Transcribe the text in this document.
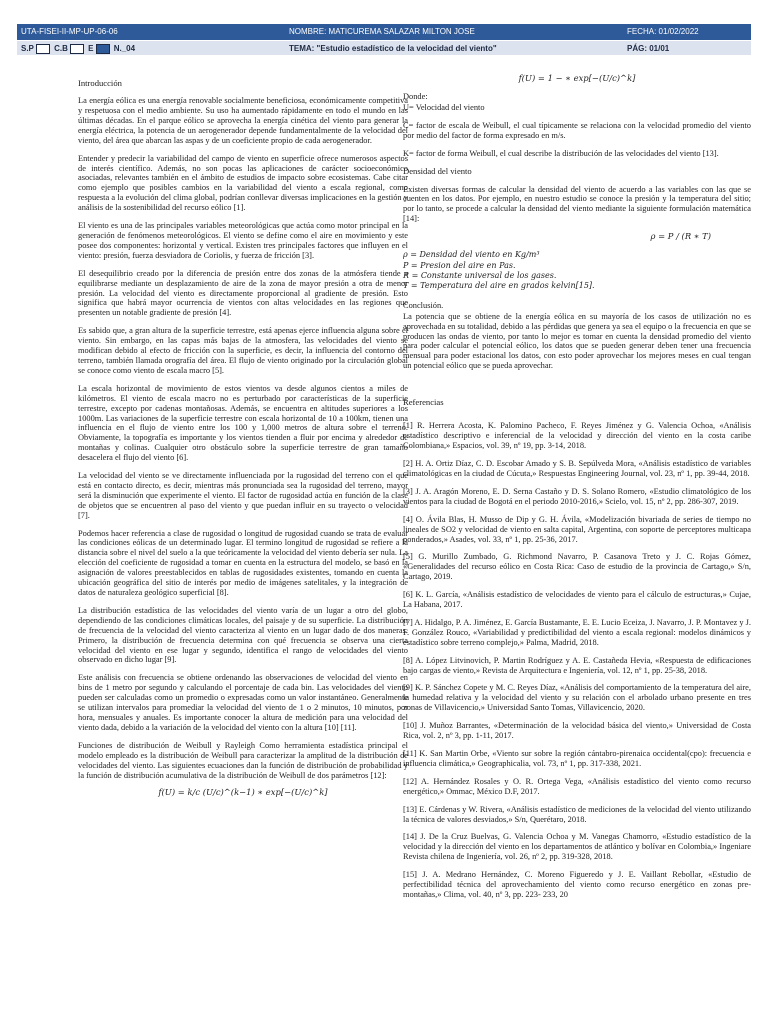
UTA-FISEI-II-MP-UP-06-06	NOMBRE: MATICUREMA SALAZAR MILTON JOSE	FECHA: 01/02/2022
S.P	C.B	E	N._04	TEMA: "Estudio estadístico de la velocidad del viento"	PÁG: 01/01
Introducción

La energía eólica es una energía renovable socialmente beneficiosa, económicamente competitiva y respetuosa con el medio ambiente. Su uso ha aumentado rápidamente en todo el mundo en las últimas décadas. En el parque eólico se aprovecha la energía cinética del viento para generar la energía eléctrica, la potencia de un aerogenerador depende fundamentalmente de la velocidad del viento, del área que abarcan las aspas y de un coeficiente propio de cada aerogenerador.

Entender y predecir la variabilidad del campo de viento en superficie ofrece numerosos aspectos de interés científico. Además, no son pocas las aplicaciones de carácter socioeconómico asociadas, relevantes también en el ámbito de estudios de impacto sobre ecosistemas. Cabe citar como ejemplo que posibles cambios en la variabilidad del viento a escala regional, como respuesta a la evolución del clima global, podrían conllevar diversas implicaciones en la gestión y análisis de la sostenibilidad del recurso eólico [1].

El viento es una de las principales variables meteorológicas que actúa como motor principal en la generación de fenómenos meteorológicos. El viento se define como el aire en movimiento y este posee dos componentes: horizontal y vertical. Existen tres principales factores que influyen en el viento: presión, fuerza desviadora de Coriolis, y fuerza de fricción [3].

El desequilibrio creado por la diferencia de presión entre dos zonas de la atmósfera tiende a equilibrarse mediante un desplazamiento de aire de la zona de mayor presión a otra de menor presión. La velocidad del viento es directamente proporcional al gradiente de presión. Esto significa que habrá mayor ocurrencia de vientos con altas velocidades en las regiones que presenten un notable gradiente de presión [4].

Es sabido que, a gran altura de la superficie terrestre, está apenas ejerce influencia alguna sobre el viento. Sin embargo, en las capas más bajas de la atmosfera, las velocidades del viento se modifican debido al efecto de fricción con la superficie, es decir, la influencia del contorno del terreno, también llamada orografía del área. El flujo de viento originado por la circulación global se conoce como viento de escala macro [5].

La escala horizontal de movimiento de estos vientos va desde algunos cientos a miles de kilómetros. El viento de escala macro no es perturbado por características de la superficie terrestre, excepto por cadenas montañosas. Además, se encuentra en altitudes superiores a los 1000m. Las variaciones de la superficie terrestre con escala horizontal de 10 a 100km, tienen una influencia en el flujo de viento entre los 100 y 1,000 metros de altura sobre el terreno. Obviamente, la topografía es importante y los vientos tienden a fluir por encima y alrededor de montañas y colinas. Cualquier otro obstáculo sobre la superficie terrestre de gran tamaño desacelera el flujo del viento [6].

La velocidad del viento se ve directamente influenciada por la rugosidad del terreno con el que está en contacto directo, es decir, mientras más pronunciada sea la rugosidad del terreno, mayor será la disminución que experimente el viento. El factor de rugosidad actúa en función de la clase de objetos que se encuentren al paso del viento y que puedan influir en su trayecto o velocidad [7].

Podemos hacer referencia a clase de rugosidad o longitud de rugosidad cuando se trata de evaluar las condiciones eólicas de un determinado lugar. El termino longitud de rugosidad se refiere a la distancia sobre el nivel del suelo a la que teóricamente la velocidad del viento debería ser nula. La elección del coeficiente de rugosidad a tomar en cuenta en la estructura del modelo, se basó en la asignación de valores preestablecidos en tablas de rugosidades existentes, tomando en cuenta la ubicación geográfica del sitio de interés por medio de imágenes satelitales, y la integración de datos de naturaleza geológico superficial [8].

La distribución estadística de las velocidades del viento varía de un lugar a otro del globo, dependiendo de las condiciones climáticas locales, del paisaje y de su superficie. La distribución de frecuencia de la velocidad del viento caracteriza al viento en un lugar dado de dos maneras. Primero, la distribución de frecuencia determina con qué frecuencia se observa una cierta velocidad del viento en ese lugar y segundo, identifica el rango de velocidades del viento observado en dicho lugar [9].

Este análisis con frecuencia se obtiene ordenando las observaciones de velocidad del viento en bins de 1 metro por segundo y calculando el porcentaje de cada bin. Las velocidades del viento pueden ser calculadas como un promedio o expresadas como un valor instantáneo. Generalmente se utilizan intervalos para promediar la velocidad del viento de 1 o 2 minutos, 10 minutos, por hora, mensuales y anuales. Es importante conocer la altura de medición para una velocidad del viento dada, debido a la variación de la velocidad del viento con la altura [10] [11].

Funciones de distribución de Weibull y Rayleigh Como herramienta estadística principal el modelo empleado es la distribución de Weibull para caracterizar la amplitud de la distribución de velocidades del viento. Las siguientes ecuaciones dan la función de distribución de probabilidad y la función de distribución acumulativa de la distribución de Weibull de dos parámetros [12]:

f(U) = k/c (U/c)^(k−1) ∗ exp[−(U/c)^k]
f(U) = 1 − ∗ exp[−(U/c)^k]

Donde:

U= Velocidad del viento

C= factor de escala de Weibull, el cual típicamente se relaciona con la velocidad promedio del viento por medio del factor de forma expresado en m/s.

K= factor de forma Weibull, el cual describe la distribución de las velocidades del viento [13].

Densidad del viento

Existen diversas formas de calcular la densidad del viento de acuerdo a las variables con las que se cuenten en los datos. Por ejemplo, en nuestro estudio se conoce la presión y la temperatura del sitio; por lo tanto, se procede a calcular la densidad del viento mediante la siguiente formulación matemática [14]:

ρ = P / (R ∗ T)
ρ = Densidad del viento en Kg/m³
P = Presion del aire en Pas.
R = Constante universal de los gases.
T = Temperatura del aire en grados kelvin[15].

Conclusión.

La potencia que se obtiene de la energía eólica en su mayoría de los casos de utilización no es aprovechada en su totalidad, debido a las pérdidas que genera ya sea el equipo o la frecuencia en que se producen las ondas de viento, por tanto lo mejor es tomar en cuenta la densidad promedio del viento para poder calcular el potencial eólico, los datos que se pueden generar deben tener una frecuencia mensual para poder estacional los datos, con esto poder aprovechar los mejores meses en cual tengan un potencial eólico que se pueda aprovechar.

Referencias

[1] R. Herrera Acosta, K. Palomino Pacheco, F. Reyes Jiménez y G. Valencia Ochoa, «Análisis estadístico descriptivo e inferencial de la velocidad y dirección del viento en la costa caribe Colombiana,» Espacios, vol. 39, nº 19, pp. 3-14, 2018.

[2] H. A. Ortiz Díaz, C. D. Escobar Amado y S. B. Sepúlveda Mora, «Análisis estadístico de variables climatológicas en la ciudad de Cúcuta,» Respuestas Engineering Journal, vol. 23, nº 1, pp. 39-44, 2018.

[3] J. A. Aragón Moreno, E. D. Serna Castaño y D. S. Solano Romero, «Estudio climatológico de los vientos para la ciudad de Bogotá en el periodo 2010-2016,» Scielo, vol. 15, nº 2, pp. 286-307, 2019.

[4] O. Ávila Blas, H. Musso de Dip y G. H. Ávila, «Modelización bivariada de series de tiempo no lineales de SO2 y velocidad de viento en salta capital, Argentina, con soporte de perceptores multicapa ponderados,» Asades, vol. 33, nº 1, pp. 25-36, 2017.

[5] G. Murillo Zumbado, G. Richmond Navarro, P. Casanova Treto y J. C. Rojas Gómez, «Generalidades del recurso eólico en Costa Rica: Caso de estudio de la provincia de Cartago,» S/n, Cartago, 2019.

[6] K. L. García, «Análisis estadístico de velocidades de viento para el cálculo de estructuras,» Cujae, La Habana, 2017.

[7] A. Hidalgo, P. A. Jiménez, E. García Bustamante, E. E. Lucio Eceiza, J. Navarro, J. P. Montavez y J. F. González Rouco, «Variabilidad y predictibilidad del viento a escala regional: modelos dinámicos y estadístico sobre terreno complejo,» Palma, Madrid, 2018.

[8] A. López Litvinovich, P. Martin Rodríguez y A. E. Castañeda Hevia, «Respuesta de edificaciones bajo cargas de viento,» Revista de Arquitectura e Ingeniería, vol. 12, nº 1, pp. 25-38, 2018.

[9] K. P. Sánchez Copete y M. C. Reyes Díaz, «Análisis del comportamiento de la temperatura del aire, la humedad relativa y la velocidad del viento y su relación con el arbolado urbano presente en tres zonas de Villavicencio,» Universidad Santo Tomas, Villavicencio, 2020.

[10] J. Muñoz Barrantes, «Determinación de la velocidad básica del viento,» Universidad de Costa Rica, vol. 2, nº 3, pp. 1-11, 2017.

[11] K. San Martin Orbe, «Viento sur sobre la región cántabro-pirenaica occidental(cpo): frecuencia e influencia climática,» Geographicalia, vol. 73, nº 1, pp. 317-338, 2021.

[12] A. Hernández Rosales y O. R. Ortega Vega, «Análisis estadístico del viento como recurso energético,» Ommac, México D.F, 2017.

[13] E. Cárdenas y W. Rivera, «Análisis estadístico de mediciones de la velocidad del viento utilizando la técnica de valores desviados,» S/n, Querétaro, 2018.

[14] J. De la Cruz Buelvas, G. Valencia Ochoa y M. Vanegas Chamorro, «Estudio estadístico de la velocidad y la dirección del viento en los departamentos de atlántico y bolívar en Colombia,» Ingeniare Revista chilena de Ingeniería, vol. 26, nº 2, pp. 319-328, 2018.

[15] J. A. Medrano Hernández, C. Moreno Figueredo y J. E. Vaillant Rebollar, «Estudio de perfectibilidad técnica del aprovechamiento del viento como recurso energético en zonas pre-montañas,» Clima, vol. 40, nº 3, pp. 223- 233, 20
